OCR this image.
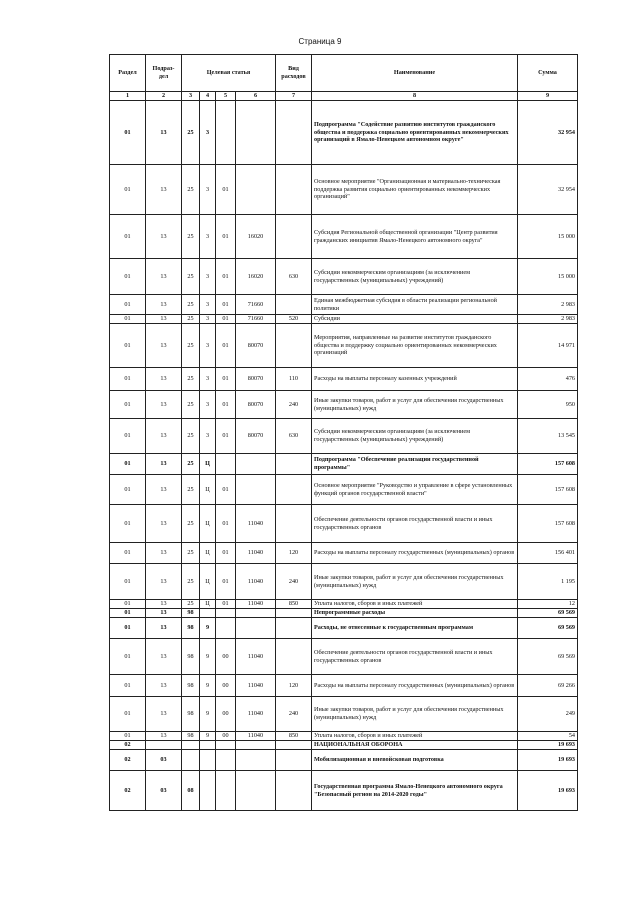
Страница 9
Раздел	Подраз-дел	Целевая статья				Вид расходов	Наименование	Сумма
1	2	3	4	5	6	7	8	9
01	13	25	3				Подпрограмма "Содействие развитию институтов гражданского общества и поддержка социально ориентированных некоммерческих организаций в Ямало-Ненецком автономном округе"	32 954
01	13	25	3	01			Основное мероприятие "Организационная и материально-техническая поддержка развития социально ориентированных некоммерческих организаций"	32 954
01	13	25	3	01	16020		Субсидия Региональной общественной организации "Центр развития гражданских инициатив Ямало-Ненецкого автономного округа"	15 000
01	13	25	3	01	16020	630	Субсидии некоммерческим организациям (за исключением государственных (муниципальных) учреждений)	15 000
01	13	25	3	01	71660		Единая межбюджетная субсидия в области реализации региональной политики	2 983
01	13	25	3	01	71660	520	Субсидии	2 983
01	13	25	3	01	80070		Мероприятия, направленные на развитие институтов гражданского общества и поддержку социально ориентированных некоммерческих организаций	14 971
01	13	25	3	01	80070	110	Расходы на выплаты персоналу казенных учреждений	476
01	13	25	3	01	80070	240	Иные закупки товаров, работ и услуг для обеспечения государственных (муниципальных) нужд	950
01	13	25	3	01	80070	630	Субсидии некоммерческим организациям (за исключением государственных (муниципальных) учреждений)	13 545
01	13	25	Ц				Подпрограмма "Обеспечение реализации государственной программы"	157 608
01	13	25	Ц	01			Основное мероприятие "Руководство и управление в сфере установленных функций органов государственной власти"	157 608
01	13	25	Ц	01	11040		Обеспечение деятельности органов государственной власти и иных государственных органов	157 608
01	13	25	Ц	01	11040	120	Расходы на выплаты персоналу государственных (муниципальных) органов	156 401
01	13	25	Ц	01	11040	240	Иные закупки товаров, работ и услуг для обеспечения государственных (муниципальных) нужд	1 195
01	13	25	Ц	01	11040	850	Уплата налогов, сборов и иных платежей	12
01	13	98					Непрограммные расходы	69 569
01	13	98	9				Расходы, не отнесенные к государственным программам	69 569
01	13	98	9	00	11040		Обеспечение деятельности органов государственной власти и иных государственных органов	69 569
01	13	98	9	00	11040	120	Расходы на выплаты персоналу государственных (муниципальных) органов	69 266
01	13	98	9	00	11040	240	Иные закупки товаров, работ и услуг для обеспечения государственных (муниципальных) нужд	249
01	13	98	9	00	11040	850	Уплата налогов, сборов и иных платежей	54
02							НАЦИОНАЛЬНАЯ ОБОРОНА	19 693
02	03						Мобилизационная и вневойсковая подготовка	19 693
02	03	08					Государственная программа Ямало-Ненецкого автономного округа "Безопасный регион на 2014-2020 годы"	19 693
